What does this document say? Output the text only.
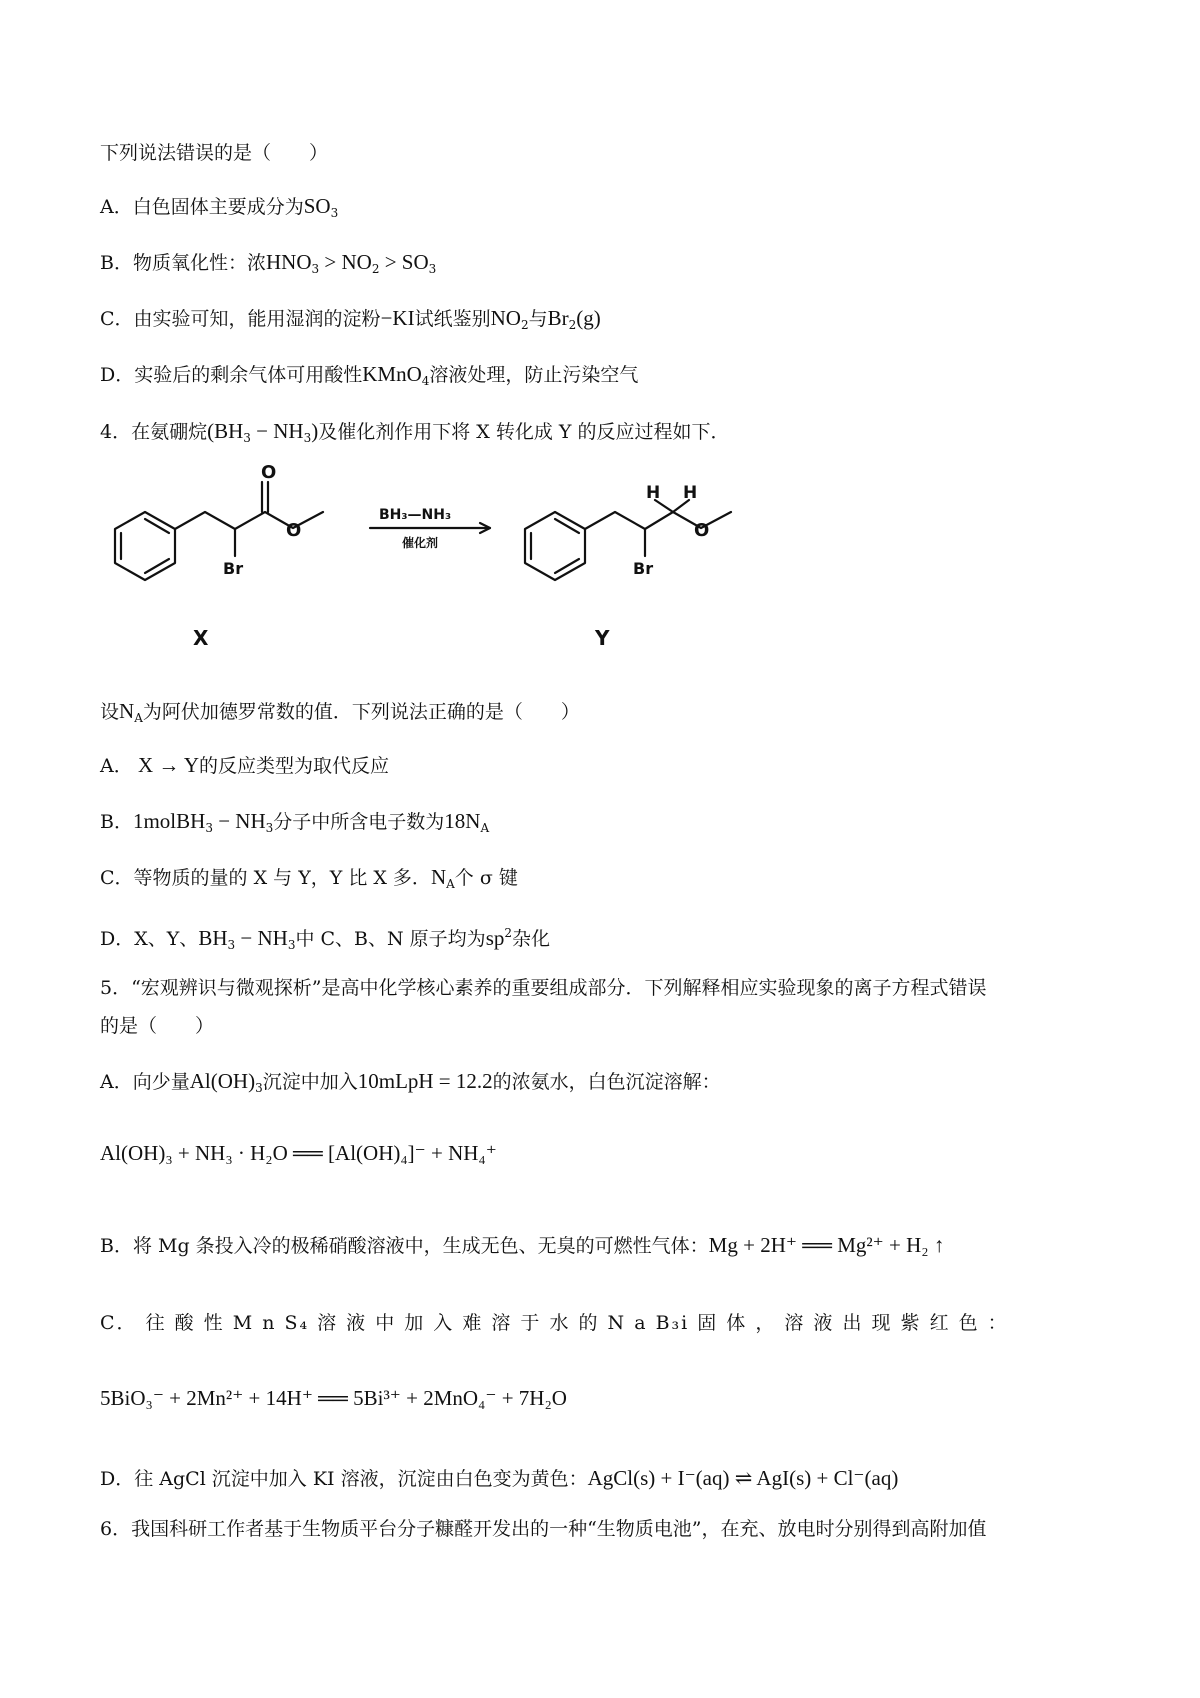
下列说法错误的是（　　）
A．白色固体主要成分为$SO_3$
B．物质氧化性：浓$HNO_3 > NO_2 > SO_3$
C．由实验可知，能用湿润的淀粉−KI试纸鉴别$NO_2$与$Br_2(g)$
D．实验后的剩余气体可用酸性KMnO$_4$溶液处理，防止污染空气
4．在氨硼烷$(BH_3 - NH_3)$及催化剂作用下将 X 转化成 Y 的反应过程如下．
O
O
Br
X
BH₃—NH₃
催化剂
H H
O
Br
Y
设$N_A$为阿伏加德罗常数的值．下列说法正确的是（　　）
A． X → Y的反应类型为取代反应
B．1molBH$_3$ − $NH_3$分子中所含电子数为$18N_A$
C．等物质的量的 X 与 Y，Y 比 X 多．$N_A$个 σ 键
D．X、Y、$BH_3 - NH_3$中 C、B、N 原子均为$sp^2$杂化
5．“宏观辨识与微观探析”是高中化学核心素养的重要组成部分．下列解释相应实验现象的离子方程式错误
的是（　　）
A．向少量$Al(OH)_3$沉淀中加入10mLpH = 12.2的浓氨水，白色沉淀溶解：
Al(OH)₃ + NH₃ · H₂O ══ [Al(OH)₄]⁻ + NH₄⁺
B．将 Mg 条投入冷的极稀硝酸溶液中，生成无色、无臭的可燃性气体：Mg + 2H⁺ ══ Mg²⁺ + H₂ ↑
C． 往 酸 性 M n S₄ 溶 液 中 加 入 难 溶 于 水 的 N a B₃i 固 体 ， 溶 液 出 现 紫 红 色 ：
5BiO₃⁻ + 2Mn²⁺ + 14H⁺ ══ 5Bi³⁺ + 2MnO₄⁻ + 7H₂O
D．往 AgCl 沉淀中加入 KI 溶液，沉淀由白色变为黄色：AgCl(s) + I⁻(aq) ⇌ AgI(s) + Cl⁻(aq)
6．我国科研工作者基于生物质平台分子糠醛开发出的一种“生物质电池”，在充、放电时分别得到高附加值
